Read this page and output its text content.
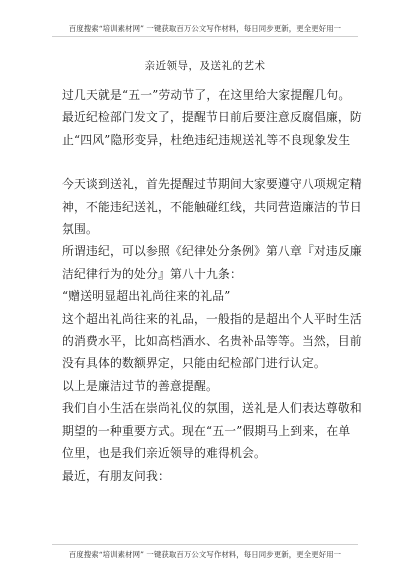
百度搜索“培训素材网” 一键获取百万公文写作材料，每日同步更新，更全更好用一
亲近领导，及送礼的艺术

过几天就是“五一”劳动节了，在这里给大家提醒几句。
最近纪检部门发文了，提醒节日前后要注意反腐倡廉，防
止“四风”隐形变异，杜绝违纪违规送礼等不良现象发生

今天谈到送礼，首先提醒过节期间大家要遵守八项规定精
神，不能违纪送礼，不能触碰红线，共同营造廉洁的节日
氛围。

所谓违纪，可以参照《纪律处分条例》第八章『对违反廉
洁纪律行为的处分』第八十九条：

“赠送明显超出礼尚往来的礼品”

这个超出礼尚往来的礼品，一般指的是超出个人平时生活
的消费水平，比如高档酒水、名贵补品等等。当然，目前
没有具体的数额界定，只能由纪检部门进行认定。

以上是廉洁过节的善意提醒。

我们自小生活在崇尚礼仪的氛围，送礼是人们表达尊敬和
期望的一种重要方式。现在“五一”假期马上到来，在单
位里，也是我们亲近领导的难得机会。

最近，有朋友问我：

百度搜索“培训素材网” 一键获取百万公文写作材料，每日同步更新，更全更好用一
